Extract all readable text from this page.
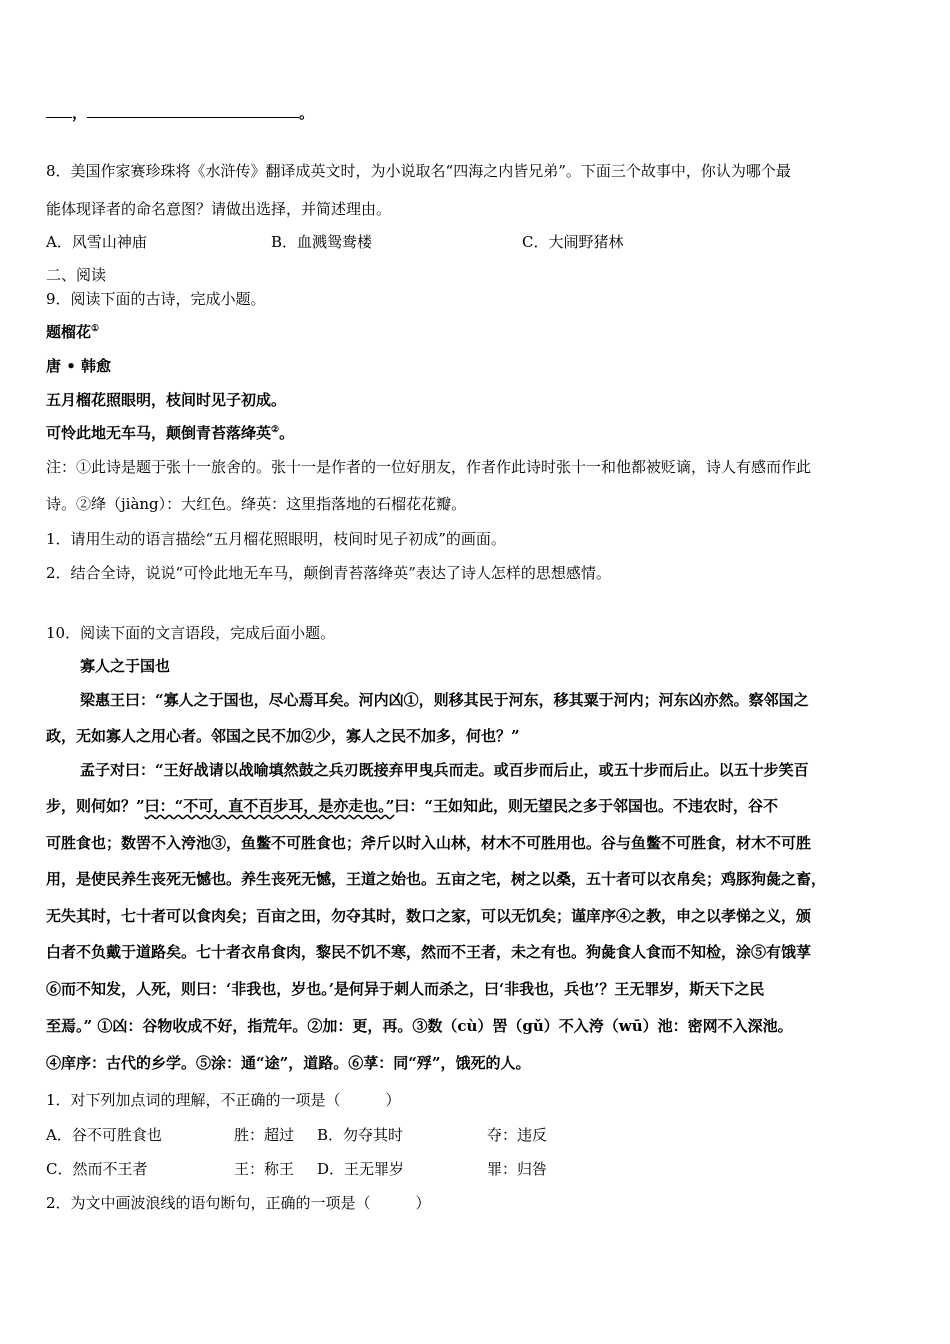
，	。
8．美国作家赛珍珠将《水浒传》翻译成英文时，为小说取名“四海之内皆兄弟”。下面三个故事中，你认为哪个最
能体现译者的命名意图？请做出选择，并简述理由。
A．风雪山神庙	B．血溅鸳鸯楼	C．大闹野猪林
二、阅读
9．阅读下面的古诗，完成小题。
题榴花①
唐 • 韩愈
五月榴花照眼明，枝间时见子初成。
可怜此地无车马，颠倒青苔落绛英②。
注：①此诗是题于张十一旅舍的。张十一是作者的一位好朋友，作者作此诗时张十一和他都被贬谪，诗人有感而作此
诗。②绛（jiàng）：大红色。绛英：这里指落地的石榴花花瓣。
1．请用生动的语言描绘“五月榴花照眼明，枝间时见子初成”的画面。
2．结合全诗，说说“可怜此地无车马，颠倒青苔落绛英”表达了诗人怎样的思想感情。
10．阅读下面的文言语段，完成后面小题。
寡人之于国也
梁惠王曰：“寡人之于国也，尽心焉耳矣。河内凶①，则移其民于河东，移其粟于河内；河东凶亦然。察邻国之
政，无如寡人之用心者。邻国之民不加②少，寡人之民不加多，何也？”
孟子对曰：“王好战请以战喻填然鼓之兵刃既接弃甲曳兵而走。或百步而后止，或五十步而后止。以五十步笑百
步，则何如？”曰：“不可，直不百步耳，是亦走也。”曰：“王如知此，则无望民之多于邻国也。不违农时，谷不
可胜食也；数罟不入洿池③，鱼鳖不可胜食也；斧斤以时入山林，材木不可胜用也。谷与鱼鳖不可胜食，材木不可胜
用，是使民养生丧死无憾也。养生丧死无憾，王道之始也。五亩之宅，树之以桑，五十者可以衣帛矣；鸡豚狗彘之畜，
无失其时，七十者可以食肉矣；百亩之田，勿夺其时，数口之家，可以无饥矣；谨庠序④之教，申之以孝悌之义，颁
白者不负戴于道路矣。七十者衣帛食肉，黎民不饥不寒，然而不王者，未之有也。狗彘食人食而不知检，涂⑤有饿莩
⑥而不知发，人死，则曰：‘非我也，岁也。’是何异于刺人而杀之，曰‘非我也，兵也’？王无罪岁，斯天下之民
至焉。” ①凶：谷物收成不好，指荒年。②加：更，再。③数（cù）罟（gǔ）不入洿（wū）池：密网不入深池。
④庠序：古代的乡学。⑤涂：通“途”，道路。⑥莩：同“殍”，饿死的人。
1．对下列加点词的理解，不正确的一项是（　　　）
A．谷不可胜食也	胜：超过 B．勿夺其时	夺：违反
C．然而不王者	王：称王 D．王无罪岁	罪：归咎
2．为文中画波浪线的语句断句，正确的一项是（　　　）
